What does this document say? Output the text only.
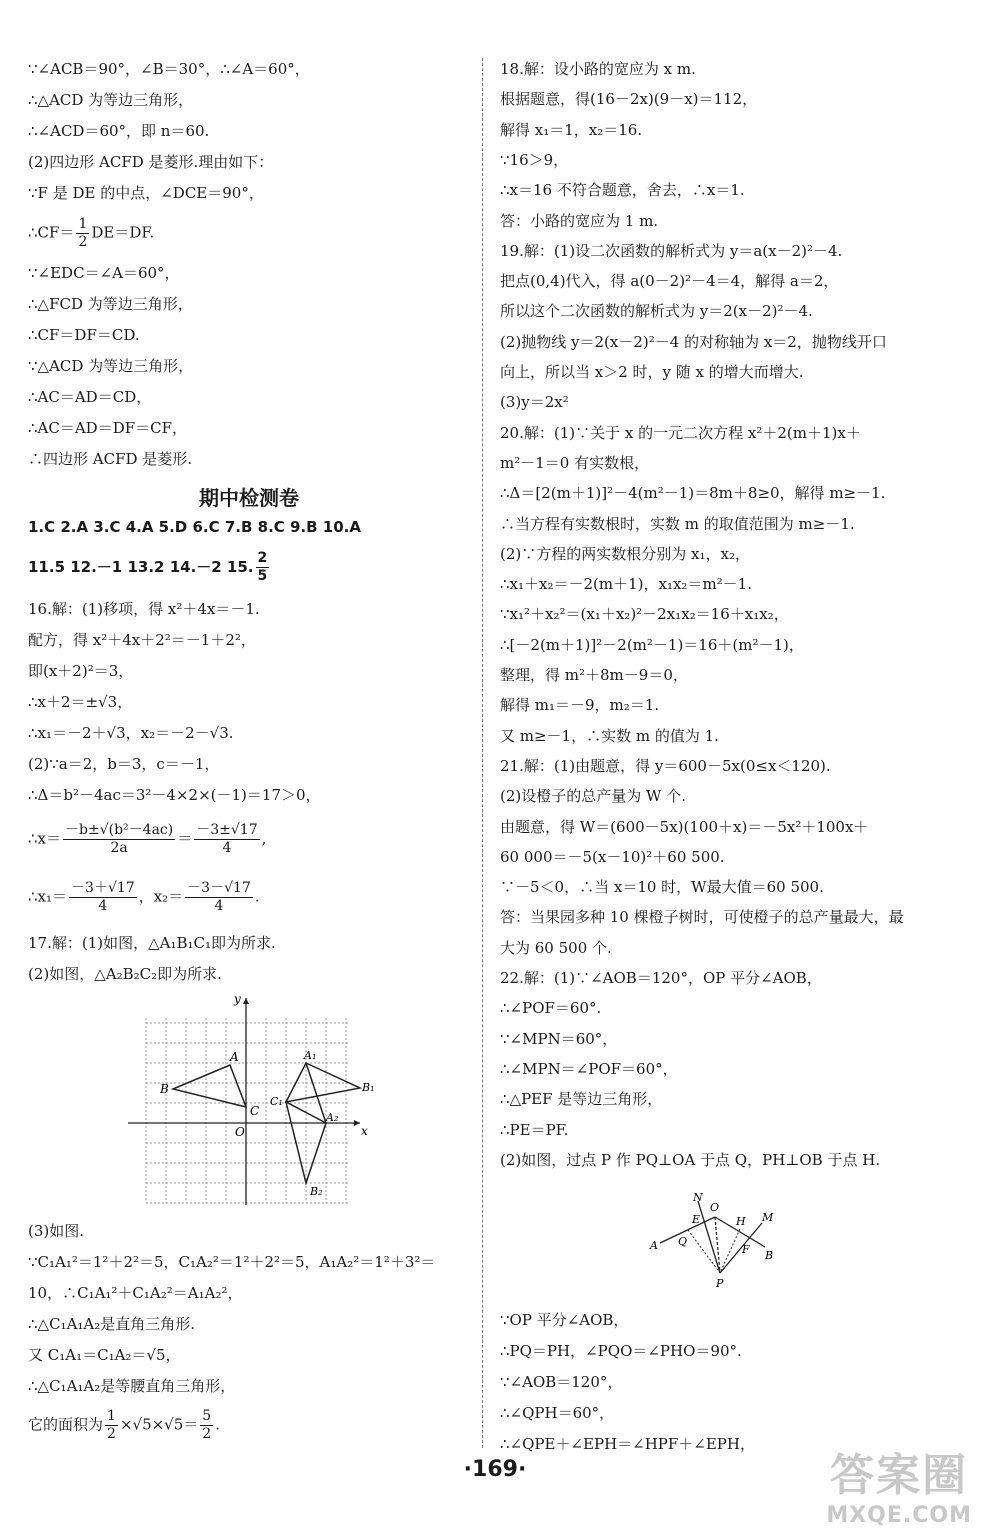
∵∠ACB＝90°，∠B＝30°，∴∠A＝60°，
∴△ACD 为等边三角形，
∴∠ACD＝60°，即 n＝60.
(2)四边形 ACFD 是菱形.理由如下：
∵F 是 DE 的中点，∠DCE＝90°，
∴CF＝ $\frac{1}{2} DE=DF$.
∵∠EDC＝∠A＝60°，
∴△FCD 为等边三角形，
∴CF＝DF＝CD.
∵△ACD 为等边三角形，
∴AC＝AD＝CD，
∴AC＝AD＝DF＝CF，
∴四边形 ACFD 是菱形.
期中检测卷
1.C 2.A 3.C 4.A 5.D 6.C 7.B 8.C 9.B 10.A
11.5 12.－1 13.2 14.－2 15. $\frac{2}{5}$
16.解：(1)移项，得 x²＋4x＝－1.
配方，得 x²＋4x＋2²＝－1＋2²，
即(x＋2)²＝3，
∴x＋2＝±√3，
∴x₁＝－2＋√3，x₂＝－2－√3.
(2)∵a＝2，b＝3，c＝－1，
∴Δ＝b²－4ac＝3²－4×2×(－1)＝17＞0，
∴x＝ $\frac{\text{－b±√(b²－4ac)}}{2a} = \frac{-3\pm√17}{4}$ ,
∴x₁＝ $\frac{-3+√17}{4}$ ，$x_2= \frac{-3-√17}{4}$ .
17.解：(1)如图，△A₁B₁C₁即为所求.
(2)如图，△A₂B₂C₂即为所求.
y
x
O
A
B
C
A₁
B₁
C₁
A₂
B₂
(3)如图.
∵C₁A₁²＝1²＋2²＝5，C₁A₂²＝1²＋2²＝5，A₁A₂²＝1²＋3²＝
10，∴C₁A₁²＋C₁A₂²＝A₁A₂²，
∴△C₁A₁A₂是直角三角形.
又 C₁A₁＝C₁A₂＝√5，
∴△C₁A₁A₂是等腰直角三角形，
它的面积为 $\frac{1}{2} \times√5\times√5= \frac{5}{2}$ .
18.解：设小路的宽应为 x m.
根据题意，得(16－2x)(9－x)＝112，
解得 x₁＝1，x₂＝16.
∵16＞9，
∴x＝16 不符合题意，舍去，∴x＝1.
答：小路的宽应为 1 m.
19.解：(1)设二次函数的解析式为 y＝a(x－2)²－4.
把点(0,4)代入，得 a(0－2)²－4＝4，解得 a＝2，
所以这个二次函数的解析式为 y＝2(x－2)²－4.
(2)抛物线 y＝2(x－2)²－4 的对称轴为 x＝2，抛物线开口
向上，所以当 x＞2 时，y 随 x 的增大而增大.
(3)y＝2x²
20.解：(1)∵关于 x 的一元二次方程 x²＋2(m＋1)x＋
m²－1＝0 有实数根，
∴Δ＝[2(m＋1)]²－4(m²－1)＝8m＋8≥0，解得 m≥－1.
∴当方程有实数根时，实数 m 的取值范围为 m≥－1.
(2)∵方程的两实数根分别为 x₁，x₂，
∴x₁＋x₂＝－2(m＋1)，x₁x₂＝m²－1.
∵x₁²＋x₂²＝(x₁＋x₂)²－2x₁x₂＝16＋x₁x₂，
∴[－2(m＋1)]²－2(m²－1)＝16＋(m²－1)，
整理，得 m²＋8m－9＝0，
解得 m₁＝－9，m₂＝1.
又 m≥－1，∴实数 m 的值为 1.
21.解：(1)由题意，得 y＝600－5x(0≤x＜120).
(2)设橙子的总产量为 W 个.
由题意，得 W＝(600－5x)(100＋x)＝－5x²＋100x＋
60 000＝－5(x－10)²＋60 500.
∵－5＜0，∴当 x＝10 时，W最大值＝60 500.
答：当果园多种 10 棵橙子树时，可使橙子的总产量最大，最
大为 60 500 个.
22.解：(1)∵∠AOB＝120°，OP 平分∠AOB，
∴∠POF＝60°.
∵∠MPN＝60°，
∴∠MPN＝∠POF＝60°，
∴△PEF 是等边三角形，
∴PE＝PF.
(2)如图，过点 P 作 PQ⊥OA 于点 Q，PH⊥OB 于点 H.
N
O
E	H M
A Q
F B
P
∵OP 平分∠AOB，
∴PQ＝PH，∠PQO＝∠PHO＝90°.
∵∠AOB＝120°，
∴∠QPH＝60°，
∴∠QPE＋∠EPH＝∠HPF＋∠EPH，
·169·	答案圈
MXQE.COM
